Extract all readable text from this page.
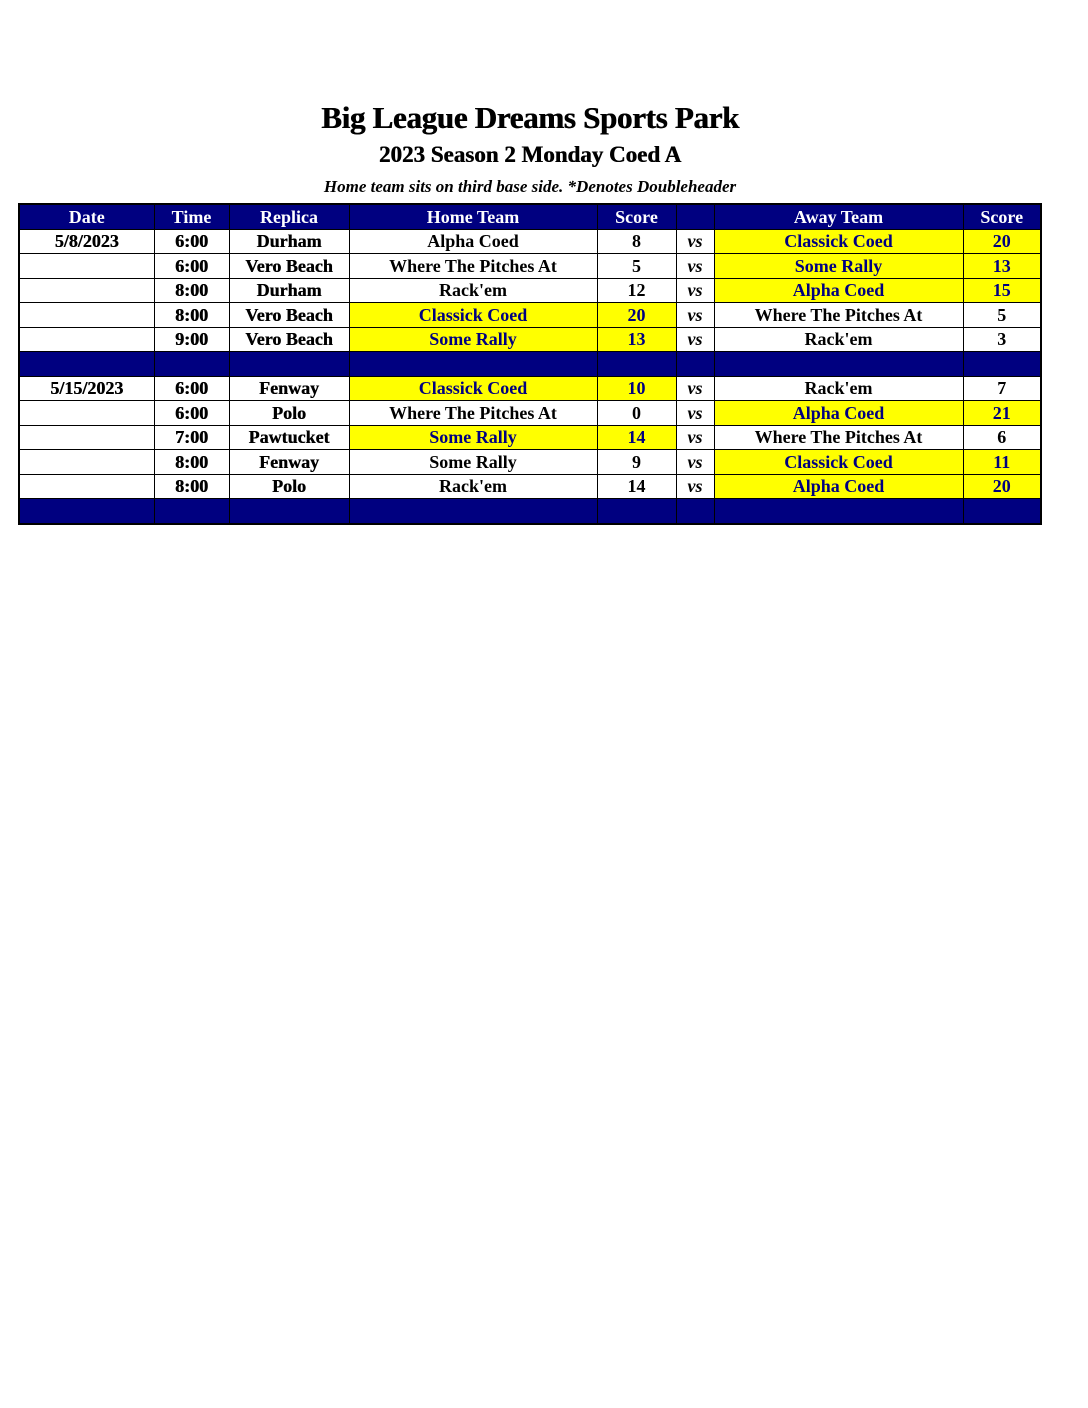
Big League Dreams Sports Park
2023 Season 2 Monday Coed A
Home team sits on third base side. *Denotes Doubleheader
Date	Time	Replica	Home Team	Score		Away Team	Score
5/8/2023	6:00	Durham	Alpha Coed	8	vs	Classick Coed	20
	6:00	Vero Beach	Where The Pitches At	5	vs	Some Rally	13
	8:00	Durham	Rack'em	12	vs	Alpha Coed	15
	8:00	Vero Beach	Classick Coed	20	vs	Where The Pitches At	5
	9:00	Vero Beach	Some Rally	13	vs	Rack'em	3

5/15/2023	6:00	Fenway	Classick Coed	10	vs	Rack'em	7
	6:00	Polo	Where The Pitches At	0	vs	Alpha Coed	21
	7:00	Pawtucket	Some Rally	14	vs	Where The Pitches At	6
	8:00	Fenway	Some Rally	9	vs	Classick Coed	11
	8:00	Polo	Rack'em	14	vs	Alpha Coed	20
